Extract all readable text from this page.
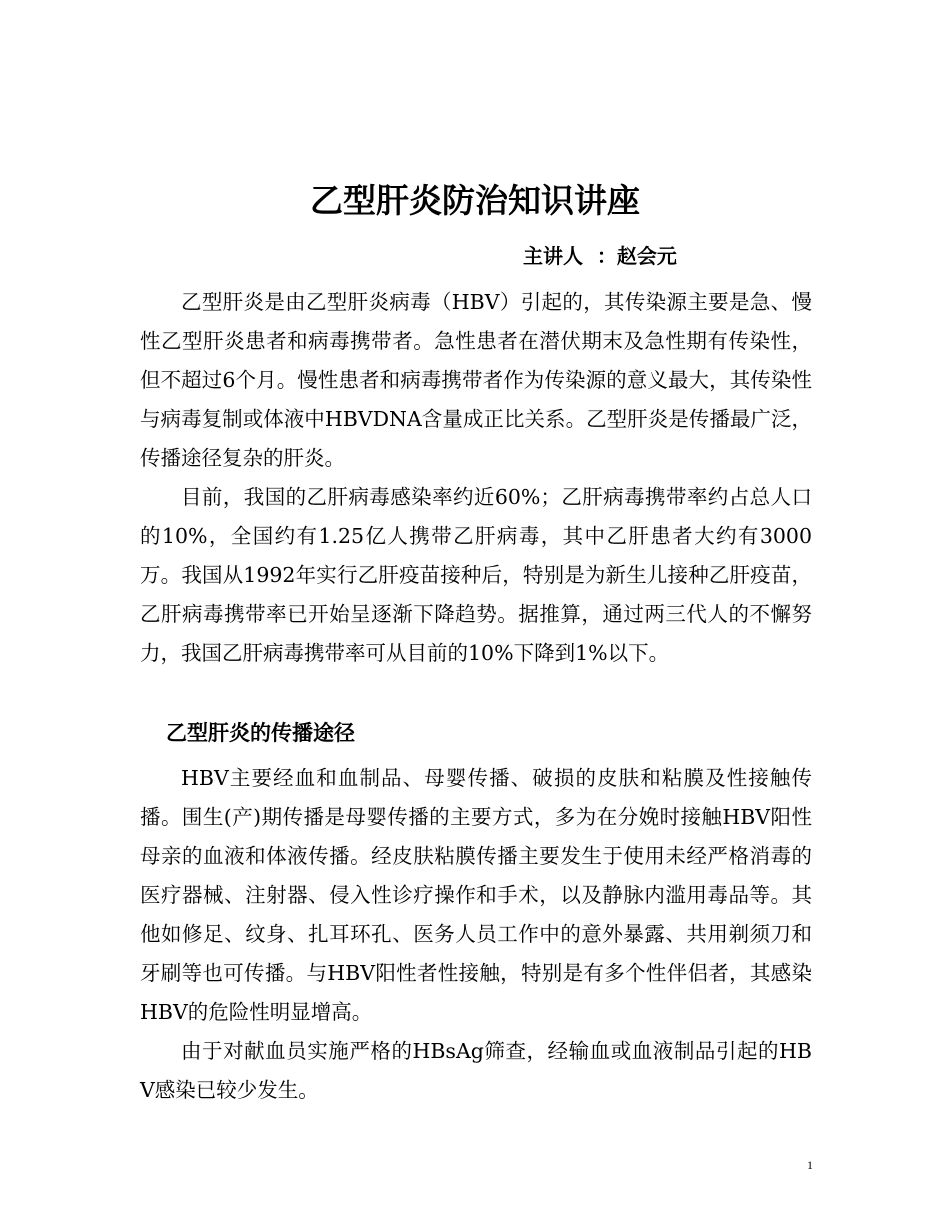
乙型肝炎防治知识讲座
主讲人  ：赵会元

乙型肝炎是由乙型肝炎病毒（HBV）引起的，其传染源主要是急、慢性乙型肝炎患者和病毒携带者。急性患者在潜伏期末及急性期有传染性，但不超过6个月。慢性患者和病毒携带者作为传染源的意义最大，其传染性与病毒复制或体液中HBVDNA含量成正比关系。乙型肝炎是传播最广泛，传播途径复杂的肝炎。

目前，我国的乙肝病毒感染率约近60%；乙肝病毒携带率约占总人口的10%，全国约有1.25亿人携带乙肝病毒，其中乙肝患者大约有3000万。我国从1992年实行乙肝疫苗接种后，特别是为新生儿接种乙肝疫苗，乙肝病毒携带率已开始呈逐渐下降趋势。据推算，通过两三代人的不懈努力，我国乙肝病毒携带率可从目前的10%下降到1%以下。

乙型肝炎的传播途径

HBV主要经血和血制品、母婴传播、破损的皮肤和粘膜及性接触传播。围生(产)期传播是母婴传播的主要方式，多为在分娩时接触HBV阳性母亲的血液和体液传播。经皮肤粘膜传播主要发生于使用未经严格消毒的医疗器械、注射器、侵入性诊疗操作和手术，以及静脉内滥用毒品等。其他如修足、纹身、扎耳环孔、医务人员工作中的意外暴露、共用剃须刀和牙刷等也可传播。与HBV阳性者性接触，特别是有多个性伴侣者，其感染HBV的危险性明显增高。

由于对献血员实施严格的HBsAg筛查，经输血或血液制品引起的HBV感染已较少发生。

1
